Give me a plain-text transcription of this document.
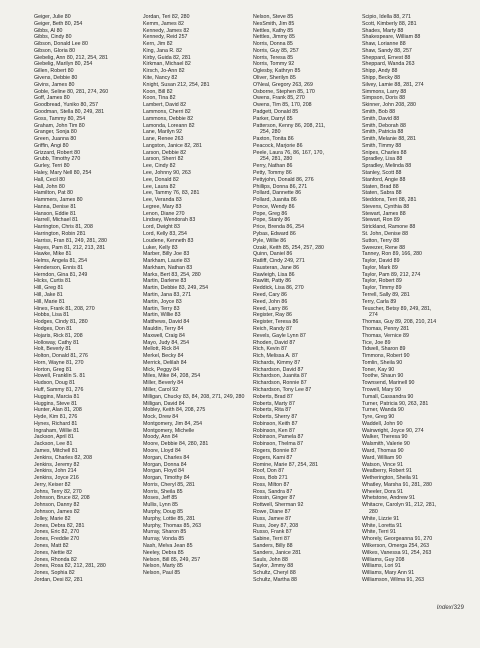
Geiger, Julie 80
Geiger, Beth 80, 254
Gibbs, Al 80
Gibbs, Cindy 80
Gibson, Donald Lee 80
Gibson, Gloria 80
Giebelig, Ann 80, 212, 254, 281
Giebelig, Marilyn 80, 254
Gillen, Robert 80
Givens, Debbie 80
Givins, James 80
Goble, Seline 80, 281, 274, 260
Goff, James 80
Goodbread, Yuniko 80, 257
Goodman, Stella 80, 249, 281
Goss, Tammy 80, 254
Graham, John Tim 80
Granger, Sonja 80
Green, Juanna 80
Griffin, Angi 80
Grizzard, Robert 80
Grubb, Timothy 270
Gurley, Terri 80
Haley, Mary Nell 80, 254
Hall, Cecil 80
Hall, John 80
Hamilton, Pat 80
Hammers, James 80
Hanna, Denise 81
Hanson, Eddie 81
Harrell, Michael 81
Harrington, Chris 81, 208
Harrington, Robin 281
Harriss, Fran 81, 249, 281, 280
Hayes, Pam 81, 212, 213, 281
Hawke, Mike 81
Helms, Angela 81, 254
Henderson, Ennis 81
Herndon, Gina 81, 249
Hicks, Curtis 81
Hill, Greg 81
Hill, Jake 81
Hill, Marie 81
Hines, Frank 81, 208, 270
Hobbs, Lisa 81
Hodges, Cindy 81, 280
Hodges, Don 81
Hojaris, Rick 81, 208
Holloway, Cathy 81
Holt, Beverly 81
Holton, Donald 81, 276
Horn, Wayne 81, 270
Horton, Greg 81
Howell, Franklin S. 81
Hudson, Doug 81
Huff, Sammy 81, 276
Huggins, Marcia 81
Huggins, Steve 81
Hunter, Alan 81, 208
Hyde, Kim 81, 276
Hynes, Richard 81
Ingraham, Willie 81
Jackson, April 81
Jackson, Lee 81
James, Mitchell 81
Jenkins, Charles 82, 208
Jenkins, Jeremy 82
Jenkins, John 214
Jenkins, Joyce 216
Jerry, Keiser 82
Johns, Terry 82, 270
Johnson, Bruce 82, 208
Johnson, Danny 82
Johnson, James 82
Jolley, Marie 82
Jones, Debra 82, 281
Jones, Eric 82, 270
Jones, Freddie 270
Jones, Matt 82
Jones, Nettie 82
Jones, Rhonda 82
Jones, Rosa 82, 212, 281, 280
Jones, Sophia 82
Jordan, Desi 82, 281
Jordan, Teri 82, 280
Kemm, James 82
Kennedy, James 82
Kennedy, Reid 257
Kern, Jim 82
King, Jana R. 82
Kirby, Guida 82, 281
Kirkman, Michael 82
Kirsch, Jo-Ann 82
Kite, Nancy 82
Knight, Susan 212, 254, 281
Koon, Bill 82
Koon, Tina 82
Lambert, David 82
Lammons, Cherri 82
Lammons, Debbie 82
Lamonda, Loreann 82
Lane, Marilyn 92
Lane, Renee 263
Langston, Janice 82, 281
Larson, Debbie 82
Larson, Sherri 82
Lee, Cindy 82
Lee, Johnny 90, 263
Lee, Donald 82
Lee, Laura 82
Lee, Tammy 76, 83, 281
Lee, Veranda 83
Legree, Mary 83
Lenon, Diane 270
Lindsey, Wendorah 83
Lord, Dwight 83
Lord, Kelly 83, 254
Loudene, Kenneth 83
Luker, Kelly 83
Marber, Billy Joe 83
Markham, Laurie 83
Markham, Nathan 83
Marks, Bert 83, 254, 280
Martin, Darlene 83
Martin, Debbie 83, 249, 254
Martin, Jana 83, 271
Martin, Joyce 83
Martin, Terry 83
Martin, Willie 83
Matthews, David 84
Mauldin, Terry 84
Maxwell, Craig 84
Mayo, Judy 84, 254
Mellott, Rick 84
Merkel, Becky 84
Merrick, Delilah 84
Mick, Peggy 84
Miles, Mike 84, 208, 254
Miller, Beverly 84
Miller, Carol 92
Milligan, Chucky 83, 84, 208, 271, 249, 280
Milligan, David 84
Mobley, Keith 84, 208, 275
Mock, Drew 84
Montgomery, Jim 84, 254
Montgomery, Michelle
Moody, Ann 84
Moore, Debbie 84, 280, 281
Moore, Lloyd 84
Morgan, Charles 84
Morgan, Donna 84
Morgan, Floyd 84
Morgan, Timothy 84
Morris, Cheryl 85, 281
Morris, Sheila 85
Moses, Jeff 85
Mullis, Lynn 85
Murphy, Doug 85
Murphy, Lottie 85, 281
Murphy, Thomas 85, 263
Murray, Sharon 85
Murray, Vonda 85
Nash, Melva Jean 85
Neeley, Debra 85
Nelson, Bill 85, 249, 257
Nelson, Marty 85
Nelson, Paul 85
Nelson, Steve 85
NesSmith, Jim 85
Nettles, Kathy 85
Nettles, Jimmy 85
Norris, Donna 85
Norris, Guy 85, 257
Norris, Teresa 85
Norris, Tommy 92
Oglesby, Kathryn 85
Oliver, Sherilyn 85
O'Neal, Gregory 263, 269
Osborne, Stephen 85, 170
Owens, Frank 85, 270
Owens, Tim 85, 170, 208
Padgett, Donald 85
Parker, Darryl 85
Patterson, Kenny 86, 208, 211,
254, 280
Paxton, Tonita 86
Peacock, Marjorie 86
Peele, Laura 76, 86, 167, 170,
254, 281, 280
Perry, Nathan 86
Petty, Tommy 86
Pettyjohn, Donald 86, 276
Phillips, Donna 86, 271
Pollard, Dannette 86
Pollard, Juanita 86
Ponce, Wendy 86
Pope, Greg 86
Pope, Stanly 86
Price, Brenda 86, 254
Pybas, Edward 86
Pyle, Willie 86
Ozaki, Keith 85, 254, 257, 280
Quinn, Daniel 86
Ratliff, Cindy 249, 271
Rausteran, Jane 86
Rawleigh, Lisa 86
Rawlitt, Patty 86
Reddick, Lisa 86, 270
Reed, Cary 86
Reed, John 86
Reed, Larry 86
Register, Ray 86
Register, Teresa 86
Reich, Randy 87
Revels, Gayle Lynn 87
Rhoden, David 87
Rich, Kevin 87
Rich, Melissa A. 87
Richards, Kimmy 87
Richardson, David 87
Richardson, Juanita 87
Richardson, Ronnie 87
Richardson, Tony Lee 87
Roberts, Brad 87
Roberts, Marty 87
Roberts, Rita 87
Roberts, Sherry 87
Robinson, Keith 87
Robinson, Ken 87
Robinson, Pamela 87
Robinson, Thelma 87
Rogers, Bonnie 87
Rogers, Kami 87
Romine, Marie 87, 254, 281
Roof, Don 87
Ross, Bob 271
Ross, Milton 87
Ross, Sandra 87
Rossin, Ginger 87
Rottwell, Sherman 92
Rowe, Diane 87
Russ, Jamee 87
Russ, Joey 87, 208
Russo, Frank 87
Sabine, Terri 87
Sanders, Billy 88
Sanders, Janice 281
Sauls, John 88
Saylor, Jimmy 88
Schultz, Cheryl 88
Schultz, Martha 88
Scipio, Idella 88, 271
Scott, Kimberly 88, 281
Shades, Marty 88
Shakespeare, William 88
Shaw, Lorianne 88
Shaw, Sandy 88, 257
Sheppard, Ernest 88
Sheppard, Wanda 263
Shipp, Andy 88
Shipp, Becky 88
Silvey, Lamie 88, 281, 274
Simmons, Larry 88
Simpson, Doris 88
Skinner, John 208, 280
Smith, Bob 88
Smith, David 88
Smith, Deborah 88
Smith, Patricia 88
Smith, Melanie 88, 281
Smith, Timmy 88
Snipes, Charles 88
Spradley, Lisa 88
Spradley, Melinda 88
Stanley, Scott 88
Stanford, Angie 88
Staten, Brad 88
Staten, Sabra 88
Steddons, Terri 88, 281
Stevens, Cynthia 88
Stewart, James 88
Stewart, Ron 89
Strickland, Ramone 88
St. John, Denise 88
Sutton, Terry 88
Sweezer, Rene 88
Tanney, Ron 89, 166, 280
Taylor, David 89
Taylor, Mark 89
Taylor, Pam 89, 212, 274
Taylor, Robert 89
Taylor, Timmy 89
Terrell, Sally 89, 281
Terry, Carla 89
Teuscher, Betsy 89, 249, 281,
274
Thomas, Guy 89, 208, 210, 214
Thomas, Penny 281
Thomas, Vernice 89
Tice, Joe 89
Tidwell, Sharon 89
Timmons, Robert 90
Tomlin, Sheila 90
Toner, Kay 90
Toothe, Shaun 90
Townsend, Marinell 90
Trowell, Mary 90
Tumall, Cassandra 90
Turner, Patricia 90, 263, 281
Turner, Wanda 90
Tyre, Greg 90
Waddell, John 90
Wainwright, Joyce 90, 274
Walker, Theresa 90
Walsmith, Valerie 90
Ward, Thomas 90
Ward, William 90
Watson, Vince 91
Weatberry, Robert 91
Wetherington, Sheila 91
Whatley, Marsha 91, 281, 280
Wheeler, Dora 91
Whetstone, Andrew 91
Whitacre, Carolyn 91, 212, 281,
280
White, Lizzie 91
White, Loretta 91
White, Terri 91
Whorely, Georgeanna 91, 270
Wilkerson, Omerga 254, 263
Wilkes, Vanessa 91, 254, 263
Williams, Guy 208
Williams, Lori 91
Williams, Mary Ann 91
Williamson, Wilma 91, 263
Index/329
